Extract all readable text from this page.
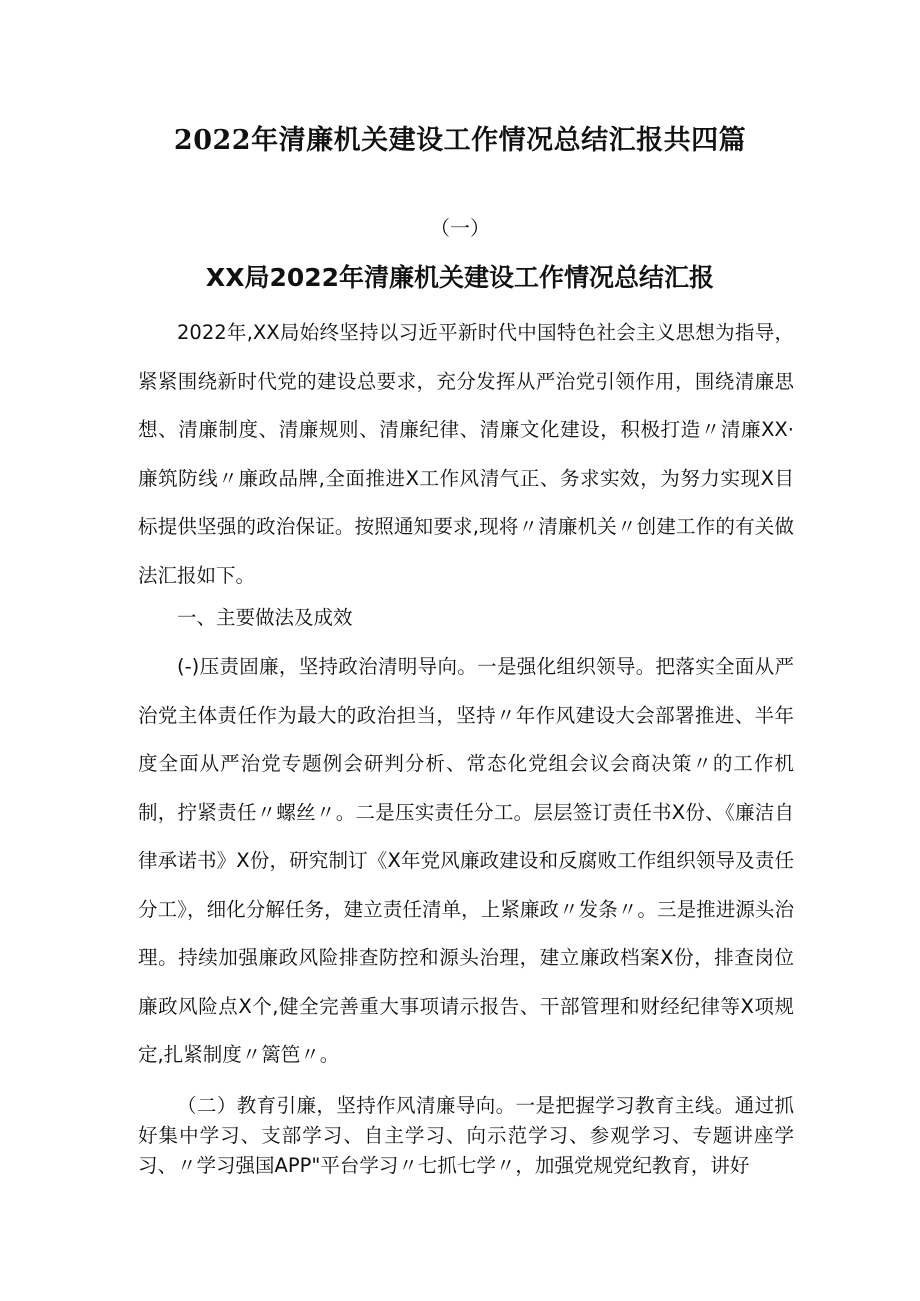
2022年清廉机关建设工作情况总结汇报共四篇
（一）
XX局2022年清廉机关建设工作情况总结汇报

2022年,XX局始终坚持以习近平新时代中国特色社会主义思想为指导，紧紧围绕新时代党的建设总要求，充分发挥从严治党引领作用，围绕清廉思想、清廉制度、清廉规则、清廉纪律、清廉文化建设，积极打造〃清廉XX·廉筑防线〃廉政品牌,全面推进X工作风清气正、务求实效，为努力实现X目标提供坚强的政治保证。按照通知要求,现将〃清廉机关〃创建工作的有关做法汇报如下。

一、主要做法及成效

(-)压责固廉，坚持政治清明导向。一是强化组织领导。把落实全面从严治党主体责任作为最大的政治担当，坚持〃年作风建设大会部署推进、半年度全面从严治党专题例会研判分析、常态化党组会议会商决策〃的工作机制，拧紧责任〃螺丝〃。二是压实责任分工。层层签订责任书X份、《廉洁自律承诺书》X份，研究制订《X年党风廉政建设和反腐败工作组织领导及责任分工》，细化分解任务，建立责任清单，上紧廉政〃发条〃。三是推进源头治理。持续加强廉政风险排查防控和源头治理，建立廉政档案X份，排查岗位廉政风险点X个,健全完善重大事项请示报告、干部管理和财经纪律等X项规定,扎紧制度〃篱笆〃。

（二）教育引廉，坚持作风清廉导向。一是把握学习教育主线。通过抓好集中学习、支部学习、自主学习、向示范学习、参观学习、专题讲座学习、〃学习强国APP"平台学习〃七抓七学〃，加强党规党纪教育，讲好
